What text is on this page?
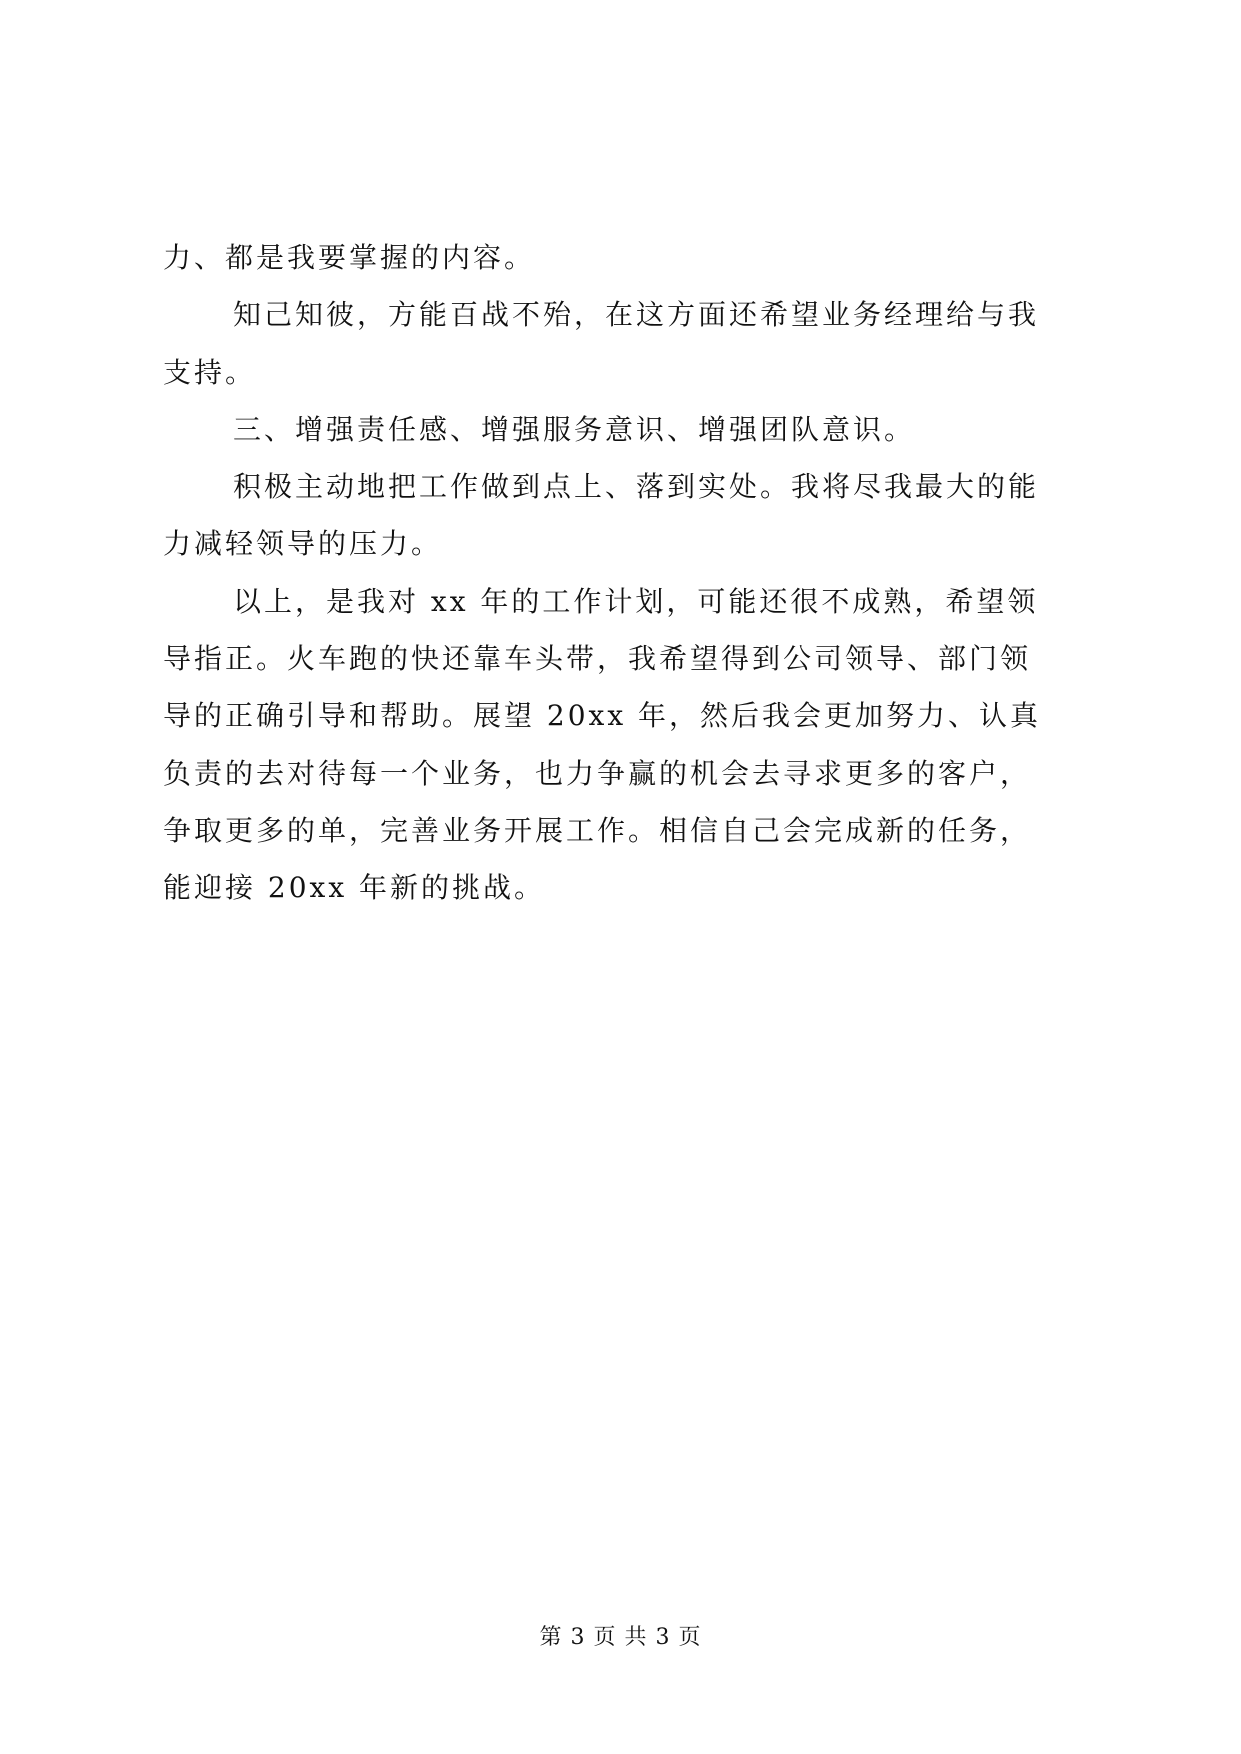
力、都是我要掌握的内容。
知己知彼，方能百战不殆，在这方面还希望业务经理给与我
支持。
三、增强责任感、增强服务意识、增强团队意识。
积极主动地把工作做到点上、落到实处。我将尽我最大的能
力减轻领导的压力。
以上，是我对 xx 年的工作计划，可能还很不成熟，希望领
导指正。火车跑的快还靠车头带，我希望得到公司领导、部门领
导的正确引导和帮助。展望 20xx 年，然后我会更加努力、认真
负责的去对待每一个业务，也力争赢的机会去寻求更多的客户，
争取更多的单，完善业务开展工作。相信自己会完成新的任务，
能迎接 20xx 年新的挑战。
第 3 页 共 3 页
